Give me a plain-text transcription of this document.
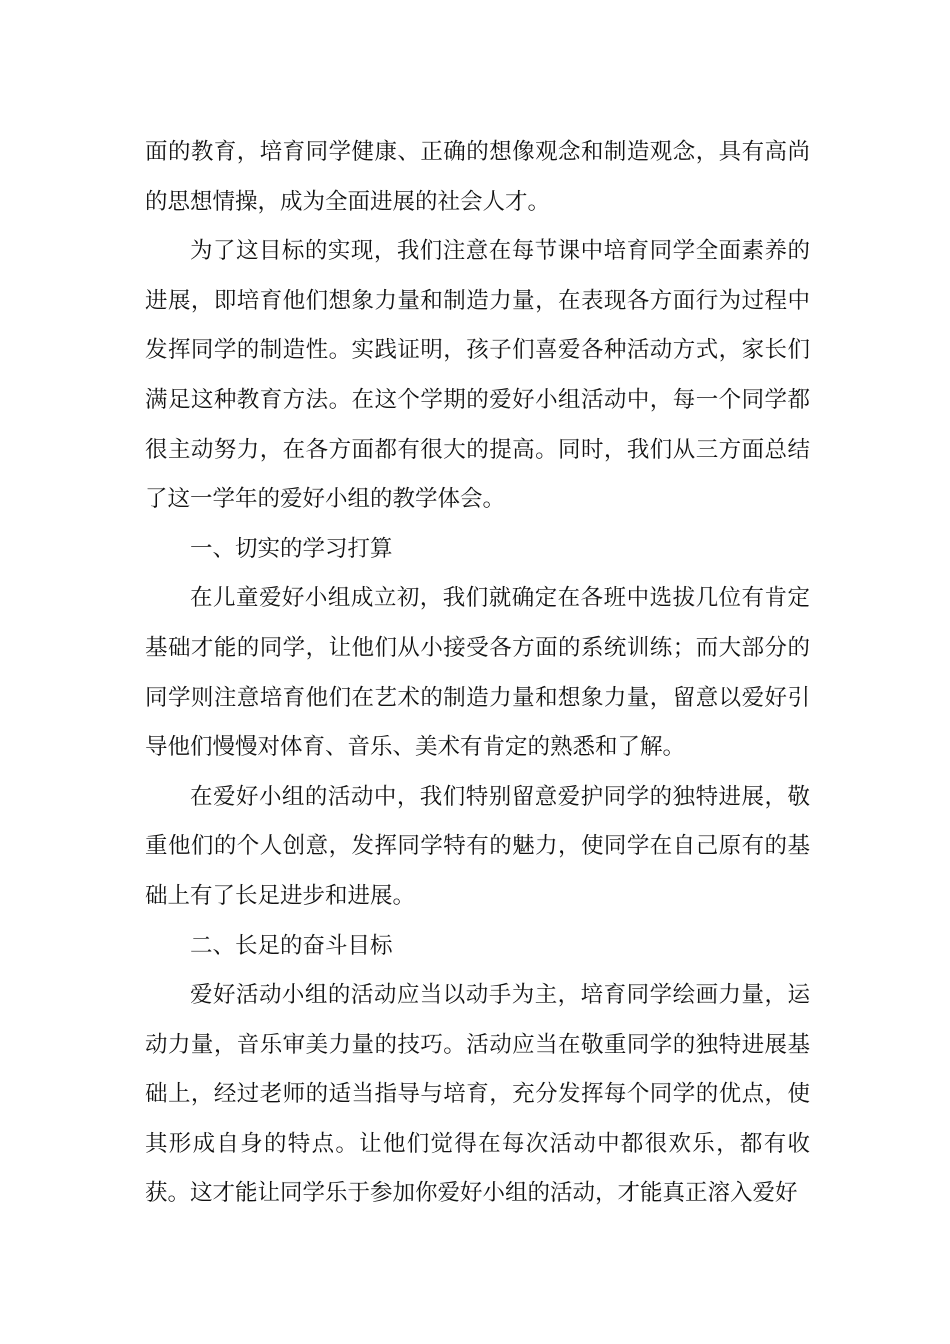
面的教育，培育同学健康、正确的想像观念和制造观念，具有高尚的思想情操，成为全面进展的社会人才。

为了这目标的实现，我们注意在每节课中培育同学全面素养的进展，即培育他们想象力量和制造力量，在表现各方面行为过程中发挥同学的制造性。实践证明，孩子们喜爱各种活动方式，家长们满足这种教育方法。在这个学期的爱好小组活动中，每一个同学都很主动努力，在各方面都有很大的提高。同时，我们从三方面总结了这一学年的爱好小组的教学体会。

一、切实的学习打算

在儿童爱好小组成立初，我们就确定在各班中选拔几位有肯定基础才能的同学，让他们从小接受各方面的系统训练；而大部分的同学则注意培育他们在艺术的制造力量和想象力量，留意以爱好引导他们慢慢对体育、音乐、美术有肯定的熟悉和了解。

在爱好小组的活动中，我们特别留意爱护同学的独特进展，敬重他们的个人创意，发挥同学特有的魅力，使同学在自己原有的基础上有了长足进步和进展。

二、长足的奋斗目标

爱好活动小组的活动应当以动手为主，培育同学绘画力量，运动力量，音乐审美力量的技巧。活动应当在敬重同学的独特进展基础上，经过老师的适当指导与培育，充分发挥每个同学的优点，使其形成自身的特点。让他们觉得在每次活动中都很欢乐，都有收获。这才能让同学乐于参加你爱好小组的活动，才能真正溶入爱好
